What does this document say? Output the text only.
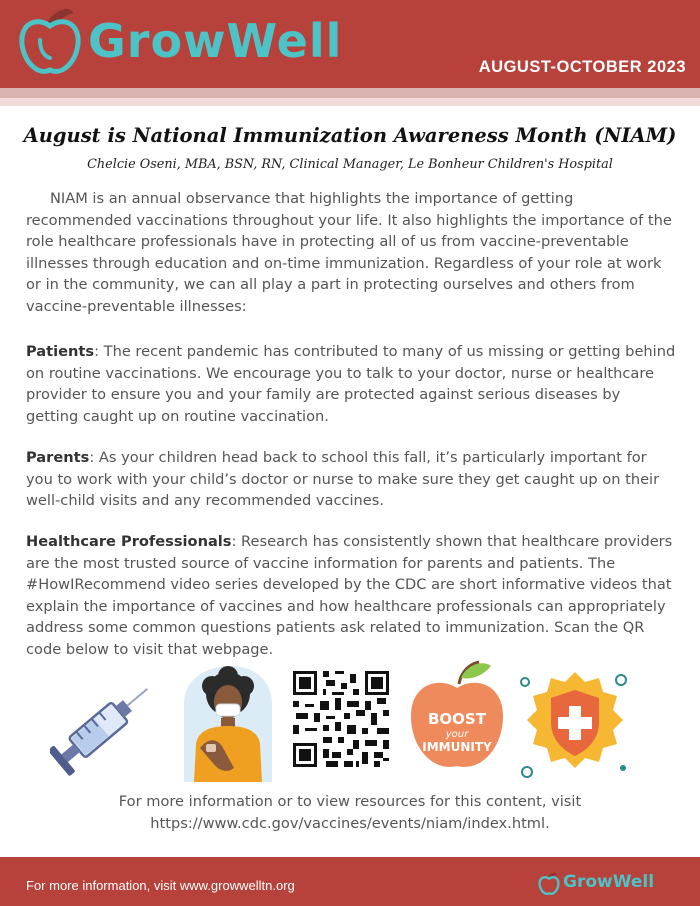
GrowWell	AUGUST-OCTOBER 2023
August is National Immunization Awareness Month (NIAM)
Chelcie Oseni, MBA, BSN, RN, Clinical Manager, Le Bonheur Children's Hospital

NIAM is an annual observance that highlights the importance of getting recommended vaccinations throughout your life. It also highlights the importance of the role healthcare professionals have in protecting all of us from vaccine-preventable illnesses through education and on-time immunization. Regardless of your role at work or in the community, we can all play a part in protecting ourselves and others from vaccine-preventable illnesses:

Patients: The recent pandemic has contributed to many of us missing or getting behind on routine vaccinations. We encourage you to talk to your doctor, nurse or healthcare provider to ensure you and your family are protected against serious diseases by getting caught up on routine vaccination.

Parents: As your children head back to school this fall, it’s particularly important for you to work with your child’s doctor or nurse to make sure they get caught up on their well-child visits and any recommended vaccines.

Healthcare Professionals: Research has consistently shown that healthcare providers are the most trusted source of vaccine information for parents and patients. The #HowIRecommend video series developed by the CDC are short informative videos that explain the importance of vaccines and how healthcare professionals can appropriately address some common questions patients ask related to immunization. Scan the QR code below to visit that webpage.

BOOST
your
IMMUNITY
For more information or to view resources for this content, visit
https://www.cdc.gov/vaccines/events/niam/index.html.
For more information, visit www.growwelltn.org	GrowWell
